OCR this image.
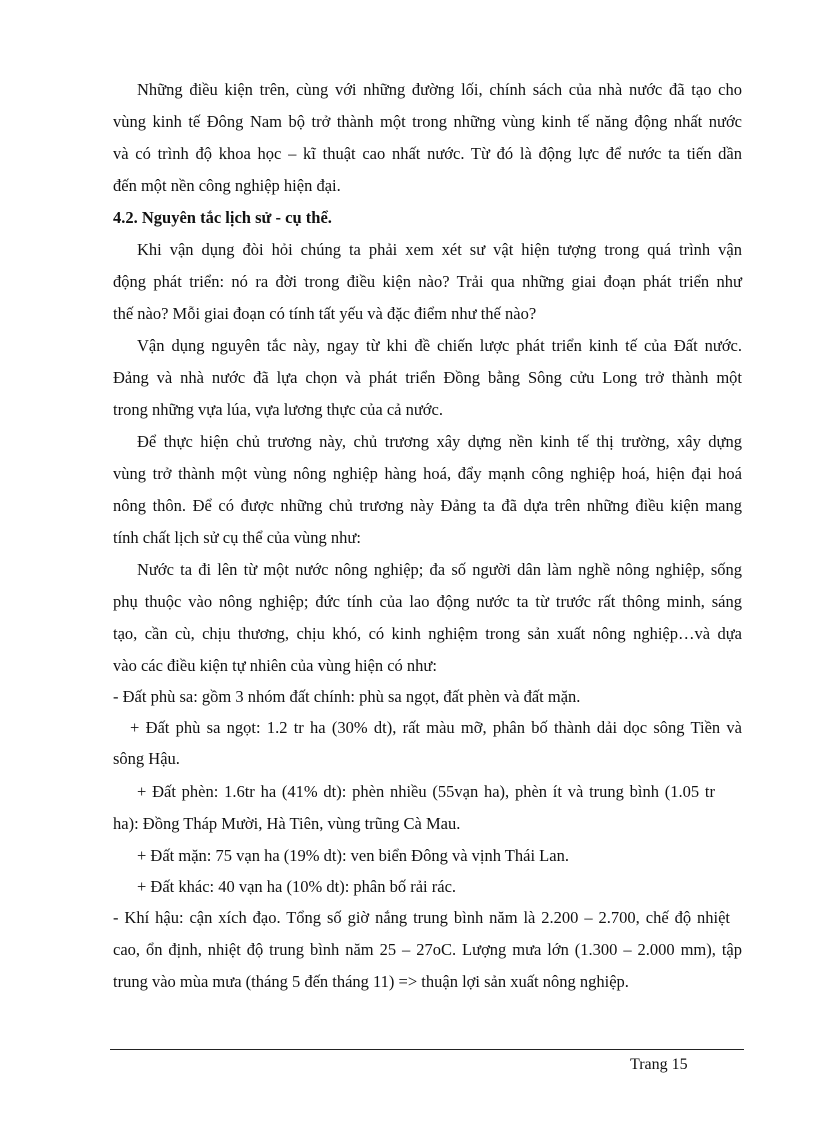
Những điều kiện trên, cùng với những đường lối, chính sách của nhà nước đã tạo cho
vùng kinh tế Đông Nam bộ trở thành một trong những vùng kinh tế năng động nhất nước
và có trình độ khoa học – kĩ thuật cao nhất nước. Từ đó là động lực để nước ta tiến dần
đến một nền công nghiệp hiện đại.
4.2. Nguyên tắc lịch sử - cụ thể.
Khi vận dụng đòi hỏi chúng ta phải xem xét sư vật hiện tượng trong quá trình vận
động phát triển: nó ra đời trong điều kiện nào? Trải qua những giai đoạn phát triển như
thế nào? Mỗi giai đoạn có tính tất yếu và đặc điểm như thế nào?
Vận dụng nguyên tắc này, ngay từ khi đề chiến lược phát triển kinh tế của Đất nước.
Đảng và nhà nước đã lựa chọn và phát triển Đồng bằng Sông cửu Long trở thành một
trong những vựa lúa, vựa lương thực của cả nước.
Để thực hiện chủ trương này, chủ trương xây dựng nền kinh tế thị trường, xây dựng
vùng trở thành một vùng nông nghiệp hàng hoá, đẩy mạnh công nghiệp hoá, hiện đại hoá
nông thôn. Để có được những chủ trương này Đảng ta đã dựa trên những điều kiện mang
tính chất lịch sử cụ thể của vùng như:
Nước ta đi lên từ một nước nông nghiệp; đa số người dân làm nghề nông nghiệp, sống
phụ thuộc vào nông nghiệp; đức tính của lao động nước ta từ trước rất thông minh, sáng
tạo, cần cù, chịu thương, chịu khó, có kinh nghiệm trong sản xuất nông nghiệp…và dựa
vào các điều kiện tự nhiên của vùng hiện có như:
- Đất phù sa: gồm 3 nhóm đất chính: phù sa ngọt, đất phèn và đất mặn.
+ Đất phù sa ngọt: 1.2 tr ha (30% dt), rất màu mỡ, phân bố thành dải dọc sông Tiền và
sông Hậu.
+ Đất phèn: 1.6tr ha (41% dt): phèn nhiều (55vạn ha), phèn ít và trung bình (1.05 tr
ha): Đồng Tháp Mười, Hà Tiên, vùng trũng Cà Mau.
+ Đất mặn: 75 vạn ha (19% dt): ven biển Đông và vịnh Thái Lan.
+ Đất khác: 40 vạn ha (10% dt): phân bố rải rác.
- Khí hậu: cận xích đạo. Tổng số giờ nắng trung bình năm là 2.200 – 2.700, chế độ nhiệt
cao, ổn định, nhiệt độ trung bình năm 25 – 27oC. Lượng mưa lớn (1.300 – 2.000 mm), tập
trung vào mùa mưa (tháng 5 đến tháng 11) => thuận lợi sản xuất nông nghiệp.
Trang 15
